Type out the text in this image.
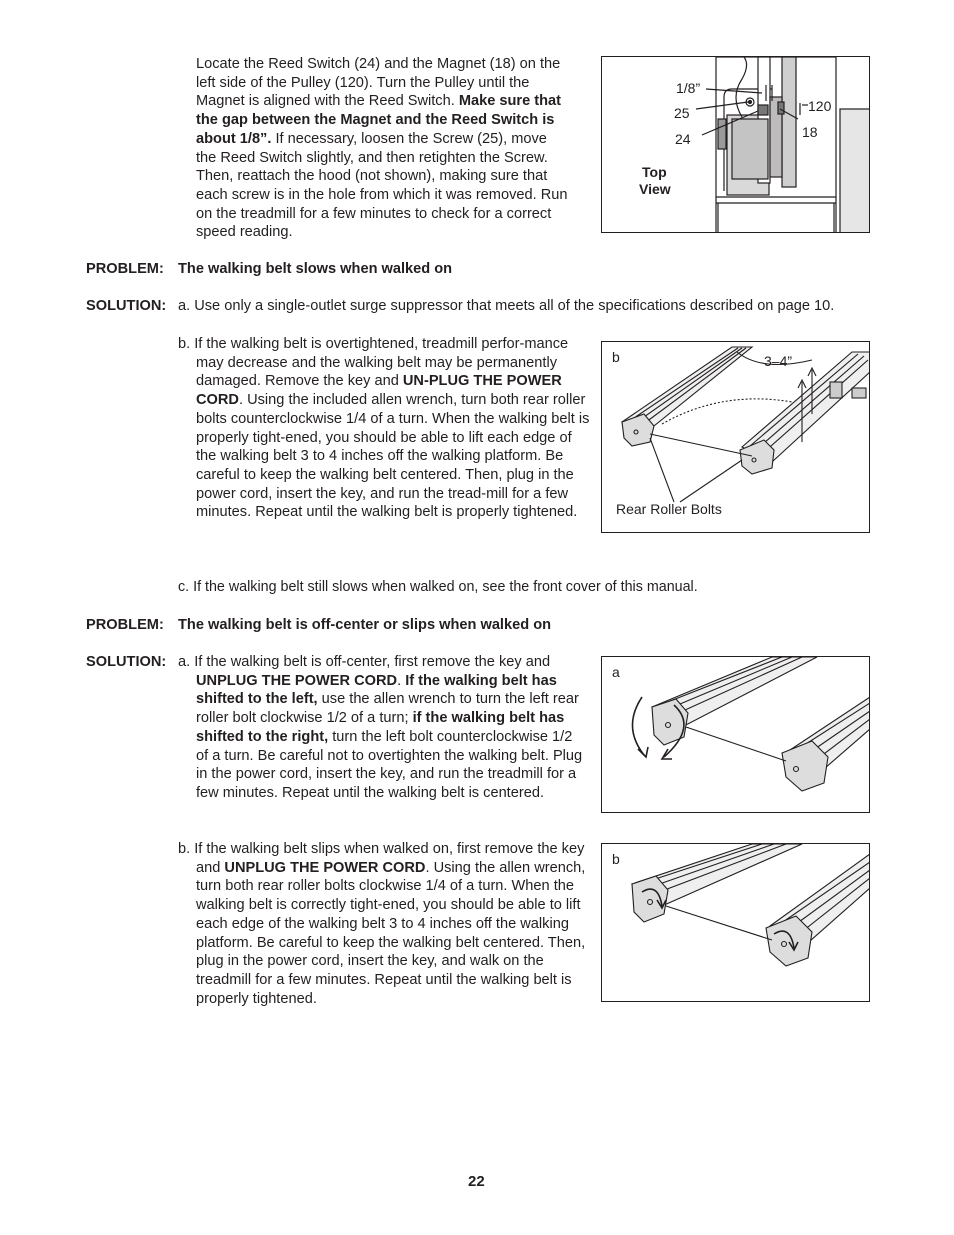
Locate the Reed Switch (24) and the Magnet (18) on the left side of the Pulley (120). Turn the Pulley until the Magnet is aligned with the Reed Switch. Make sure that the gap between the Magnet and the Reed Switch is about 1/8”. If necessary, loosen the Screw (25), move the Reed Switch slightly, and then retighten the Screw. Then, reattach the hood (not shown), making sure that each screw is in the hole from which it was removed. Run on the treadmill for a few minutes to check for a correct speed reading.

1/8”
25
24
120
18
Top
View
PROBLEM: The walking belt slows when walked on
SOLUTION: a. Use only a single-outlet surge suppressor that meets all of the specifications described on page 10.

b. If the walking belt is overtightened, treadmill perfor-mance may decrease and the walking belt may be permanently damaged. Remove the key and UN-PLUG THE POWER CORD. Using the included allen wrench, turn both rear roller bolts counterclockwise 1/4 of a turn. When the walking belt is properly tight-ened, you should be able to lift each edge of the walking belt 3 to 4 inches off the walking platform. Be careful to keep the walking belt centered. Then, plug in the power cord, insert the key, and run the tread-mill for a few minutes. Repeat until the walking belt is properly tightened.

b	3–4”
Rear Roller Bolts

c. If the walking belt still slows when walked on, see the front cover of this manual.

PROBLEM: The walking belt is off-center or slips when walked on
SOLUTION: a. If the walking belt is off-center, first remove the key and UNPLUG THE POWER CORD. If the walking belt has shifted to the left, use the allen wrench to turn the left rear roller bolt clockwise 1/2 of a turn; if the walking belt has shifted to the right, turn the left bolt counterclockwise 1/2 of a turn. Be careful not to overtighten the walking belt. Plug in the power cord, insert the key, and run the treadmill for a few minutes. Repeat until the walking belt is centered.

a

b. If the walking belt slips when walked on, first remove the key and UNPLUG THE POWER CORD. Using the allen wrench, turn both rear roller bolts clockwise 1/4 of a turn. When the walking belt is correctly tight-ened, you should be able to lift each edge of the walking belt 3 to 4 inches off the walking platform. Be careful to keep the walking belt centered. Then, plug in the power cord, insert the key, and walk on the treadmill for a few minutes. Repeat until the walking belt is properly tightened.

b
22
